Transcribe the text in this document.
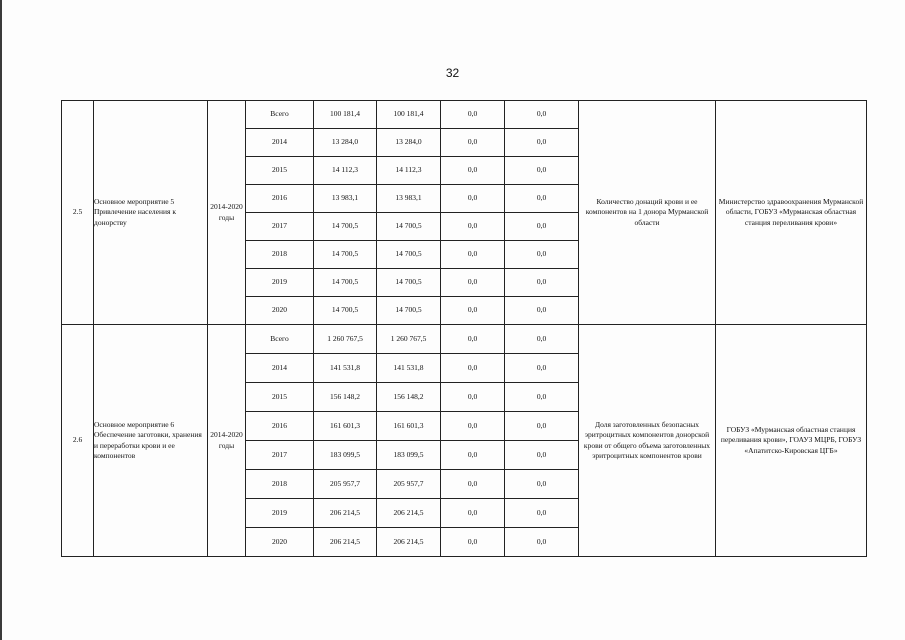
32
2.5	Основное мероприятие 5 Привлечение населения к донорству	2014-2020 годы	Всего	100 181,4	100 181,4	0,0	0,0	Количество донаций крови и ее компонентов на 1 донора Мурманской области	Министерство здравоохранения Мурманской области, ГОБУЗ «Мурманская областная станция переливания крови»
			2014	13 284,0	13 284,0	0,0	0,0		
			2015	14 112,3	14 112,3	0,0	0,0		
			2016	13 983,1	13 983,1	0,0	0,0		
			2017	14 700,5	14 700,5	0,0	0,0		
			2018	14 700,5	14 700,5	0,0	0,0		
			2019	14 700,5	14 700,5	0,0	0,0		
			2020	14 700,5	14 700,5	0,0	0,0		
2.6	Основное мероприятие 6 Обеспечение заготовки, хранения и переработки крови и ее компонентов	2014-2020 годы	Всего	1 260 767,5	1 260 767,5	0,0	0,0	Доля заготовленных безопасных эритроцитных компонентов донорской крови от общего объема заготовленных эритроцитных компонентов крови	ГОБУЗ «Мурманская областная станция переливания крови», ГОАУЗ МЦРБ, ГОБУЗ «Апатитско-Кировская ЦГБ»
			2014	141 531,8	141 531,8	0,0	0,0		
			2015	156 148,2	156 148,2	0,0	0,0		
			2016	161 601,3	161 601,3	0,0	0,0		
			2017	183 099,5	183 099,5	0,0	0,0		
			2018	205 957,7	205 957,7	0,0	0,0		
			2019	206 214,5	206 214,5	0,0	0,0		
			2020	206 214,5	206 214,5	0,0	0,0		
